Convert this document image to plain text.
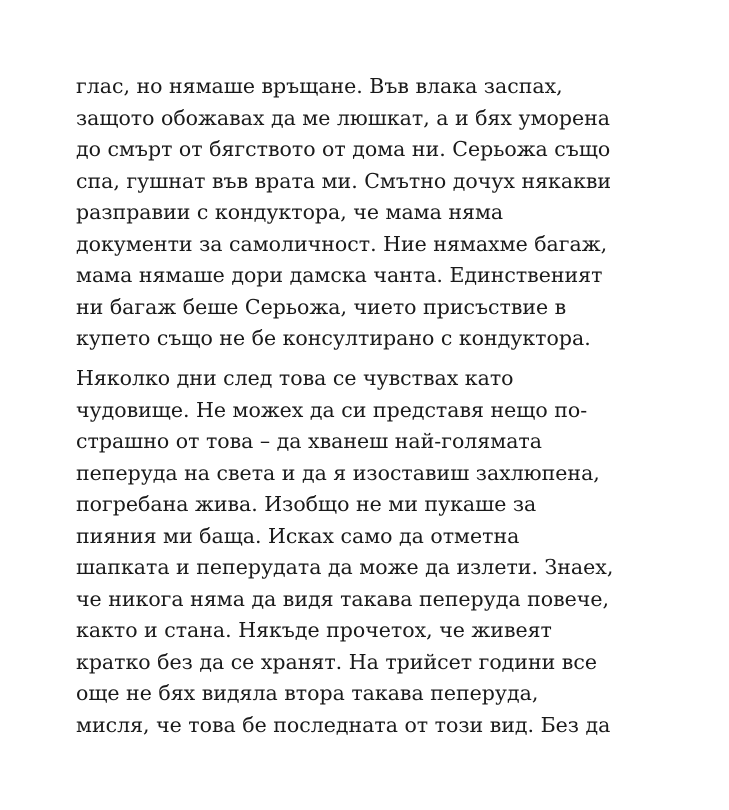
глас, но нямаше връщане. Във влака заспах,
защото обожавах да ме люшкат, а и бях уморена
до смърт от бягството от дома ни. Серьожа също
спа, гушнат във врата ми. Смътно дочух някакви
разправии с кондуктора, че мама няма
документи за самоличност. Ние нямахме багаж,
мама нямаше дори дамска чанта. Единственият
ни багаж беше Серьожа, чието присъствие в
купето също не бе консултирано с кондуктора.

Няколко дни след това се чувствах като
чудовище. Не можех да си представя нещо по-
страшно от това – да хванеш най-голямата
пеперуда на света и да я изоставиш захлюпена,
погребана жива. Изобщо не ми пукаше за
пияния ми баща. Исках само да отметна
шапката и пеперудата да може да излети. Знаех,
че никога няма да видя такава пеперуда повече,
както и стана. Някъде прочетох, че живеят
кратко без да се хранят. На трийсет години все
още не бях видяла втора такава пеперуда,
мисля, че това бе последната от този вид. Без да
